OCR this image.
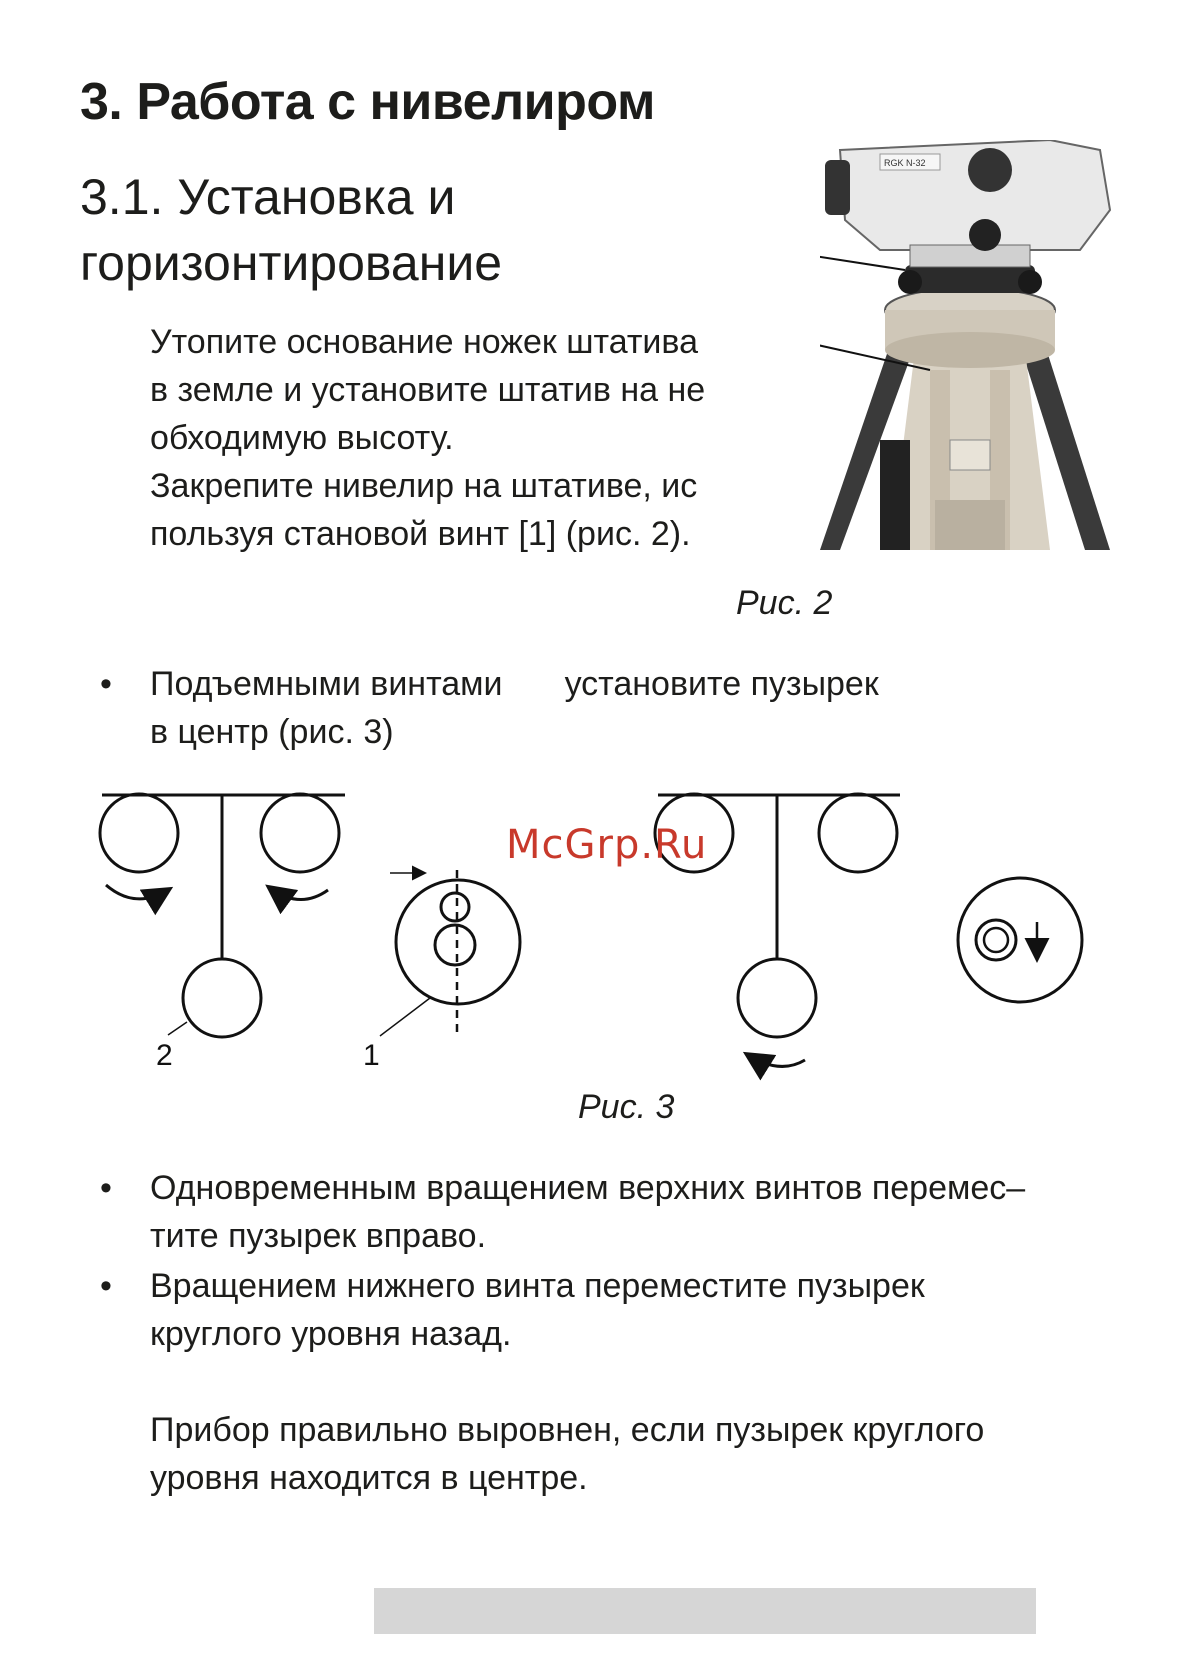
3. Работа с нивелиром
3.1. Установка и горизонтирование
Утопите основание ножек штатива
в земле и установите штатив на не
обходимую высоту.
Закрепите нивелир на штативе, ис
пользуя становой винт [1] (рис. 2).
RGK N-32
Рис. 2
•	Подъемными винтами установите пузырек
в центр (рис. 3)
2	1
McGrp.Ru
Рис. 3
•	Одновременным вращением верхних винтов перемес–
тите пузырек вправо.
•	Вращением нижнего винта переместите пузырек
круглого уровня назад.
Прибор правильно выровнен, если пузырек круглого
уровня находится в центре.
